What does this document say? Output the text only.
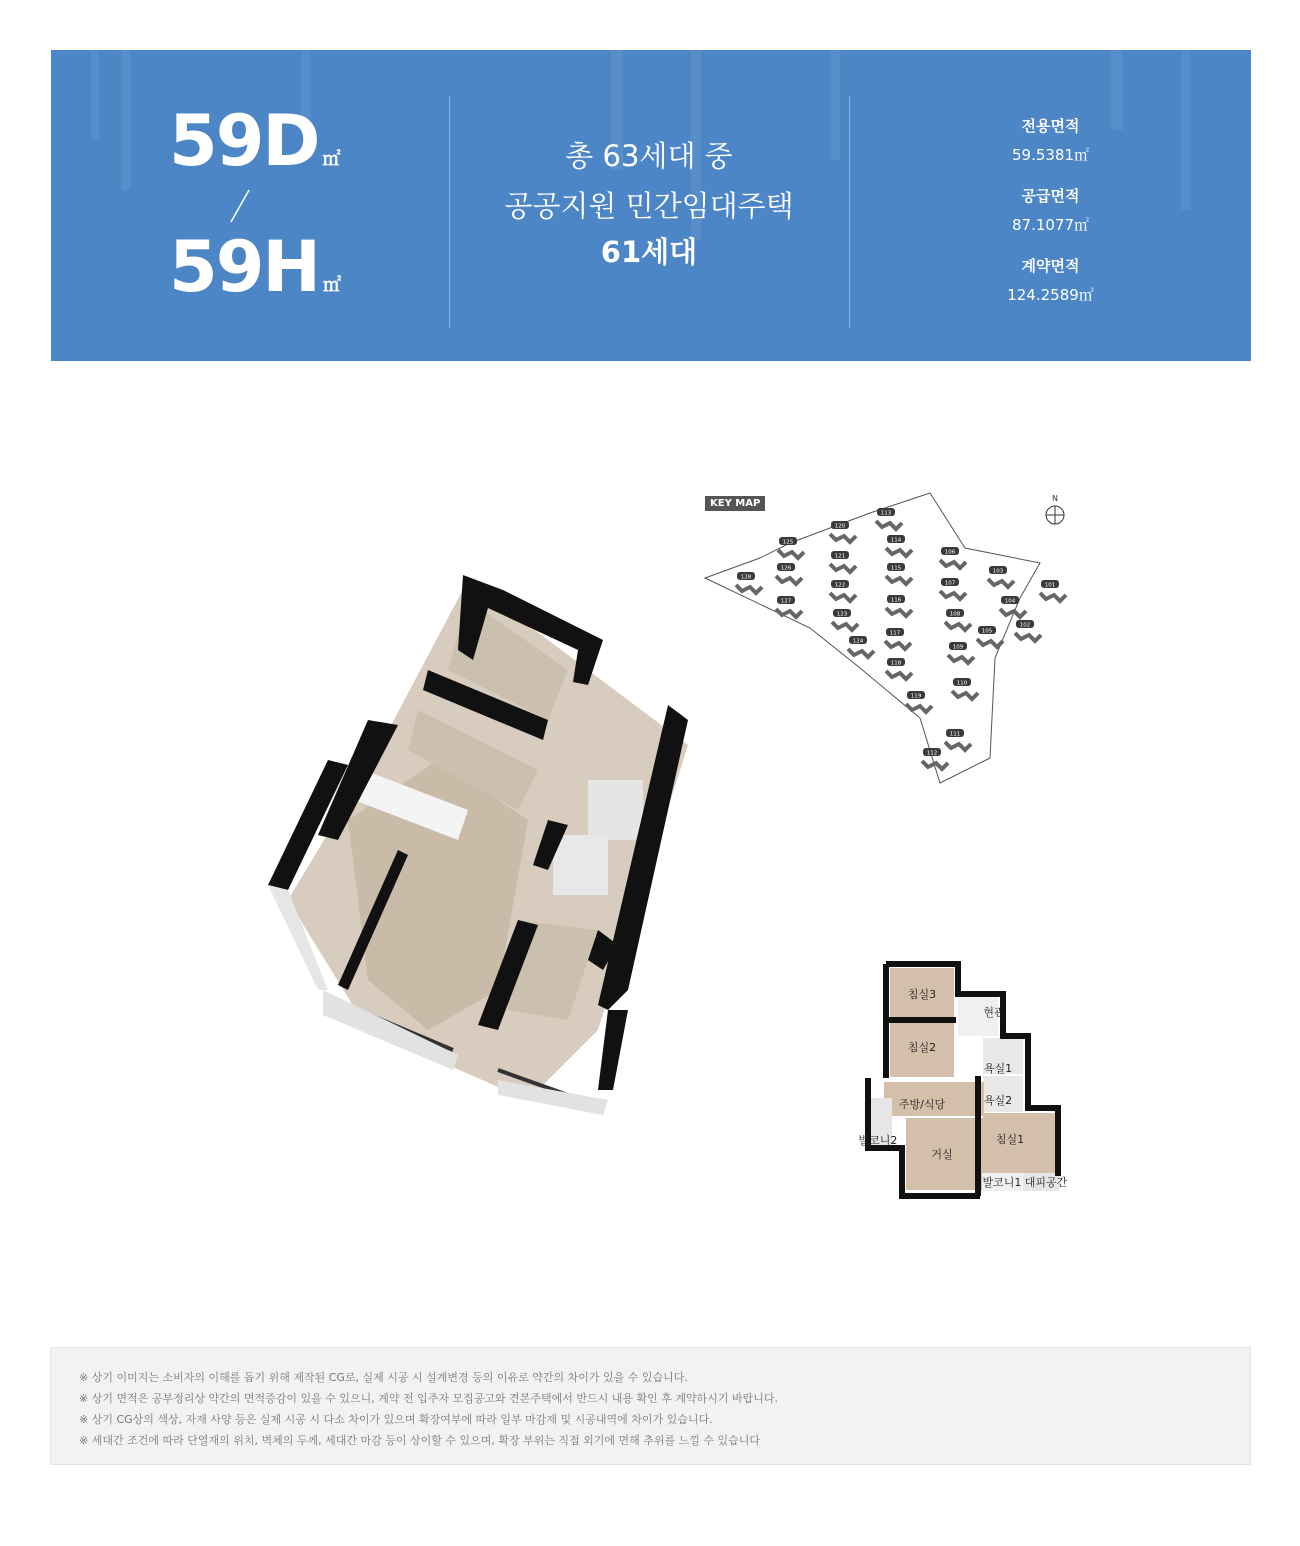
59D ㎡
59H ㎡
총 63세대 중
공공지원 민간임대주택
61세대
전용면적
59.5381㎡
공급면적
87.1077㎡
계약면적
124.2589㎡
KEY MAP	N
101
102
103
104
105
106
107
108
109
110
111
112
113
114
115
116
117
118
119
120
121
122
123
124
125
126
127
128
침실3
현관
침실2
욕실1
주방/식당	욕실2
발코니2	침실1
거실
발코니1 대피공간
※ 상기 이미지는 소비자의 이해를 돕기 위해 제작된 CG로, 실제 시공 시 설계변경 등의 이유로 약간의 차이가 있을 수 있습니다.
※ 상기 면적은 공부정리상 약간의 면적증감이 있을 수 있으니, 계약 전 입주자 모집공고와 견본주택에서 반드시 내용 확인 후 계약하시기 바랍니다.
※ 상기 CG상의 색상, 자재 사양 등은 실제 시공 시 다소 차이가 있으며 확장여부에 따라 일부 마감재 및 시공내역에 차이가 있습니다.
※ 세대간 조건에 따라 단열재의 위치, 벽체의 두께, 세대간 마감 등이 상이할 수 있으며, 확장 부위는 직접 외기에 면해 추위를 느낄 수 있습니다
